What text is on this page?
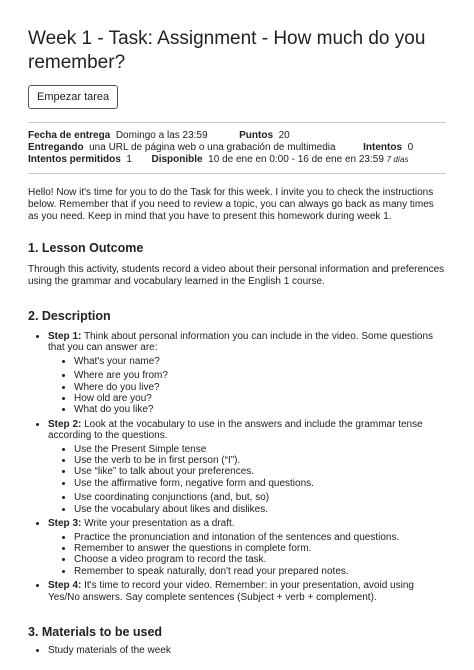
Week 1 - Task: Assignment - How much do you remember?
Empezar tarea
Fecha de entrega Domingo a las 23:59	Puntos 20
Entregando una URL de página web o una grabación de multimedia	Intentos 0
Intentos permitidos 1 Disponible 10 de ene en 0:00 - 16 de ene en 23:59 7 días

Hello! Now it's time for you to do the Task for this week. I invite you to check the instructions below. Remember that if you need to review a topic, you can always go back as many times as you need. Keep in mind that you have to present this homework during week 1.

1. Lesson Outcome

Through this activity, students record a video about their personal information and preferences using the grammar and vocabulary learned in the English 1 course.

2. Description
• Step 1: Think about personal information you can include in the video. Some questions that you can answer are:
• What's your name?
• Where are you from?
• Where do you live?
• How old are you?
• What do you like?
• Step 2: Look at the vocabulary to use in the answers and include the grammar tense according to the questions.
• Use the Present Simple tense
• Use the verb to be in first person (“I”).
• Use “like” to talk about your preferences.
• Use the affirmative form, negative form and questions.
• Use coordinating conjunctions (and, but, so)
• Use the vocabulary about likes and dislikes.
• Step 3: Write your presentation as a draft.
• Practice the pronunciation and intonation of the sentences and questions.
• Remember to answer the questions in complete form.
• Choose a video program to record the task.
• Remember to speak naturally, don't read your prepared notes.
• Step 4: It's time to record your video. Remember: in your presentation, avoid using Yes/No answers. Say complete sentences (Subject + verb + complement).
3. Materials to be used
• Study materials of the week
